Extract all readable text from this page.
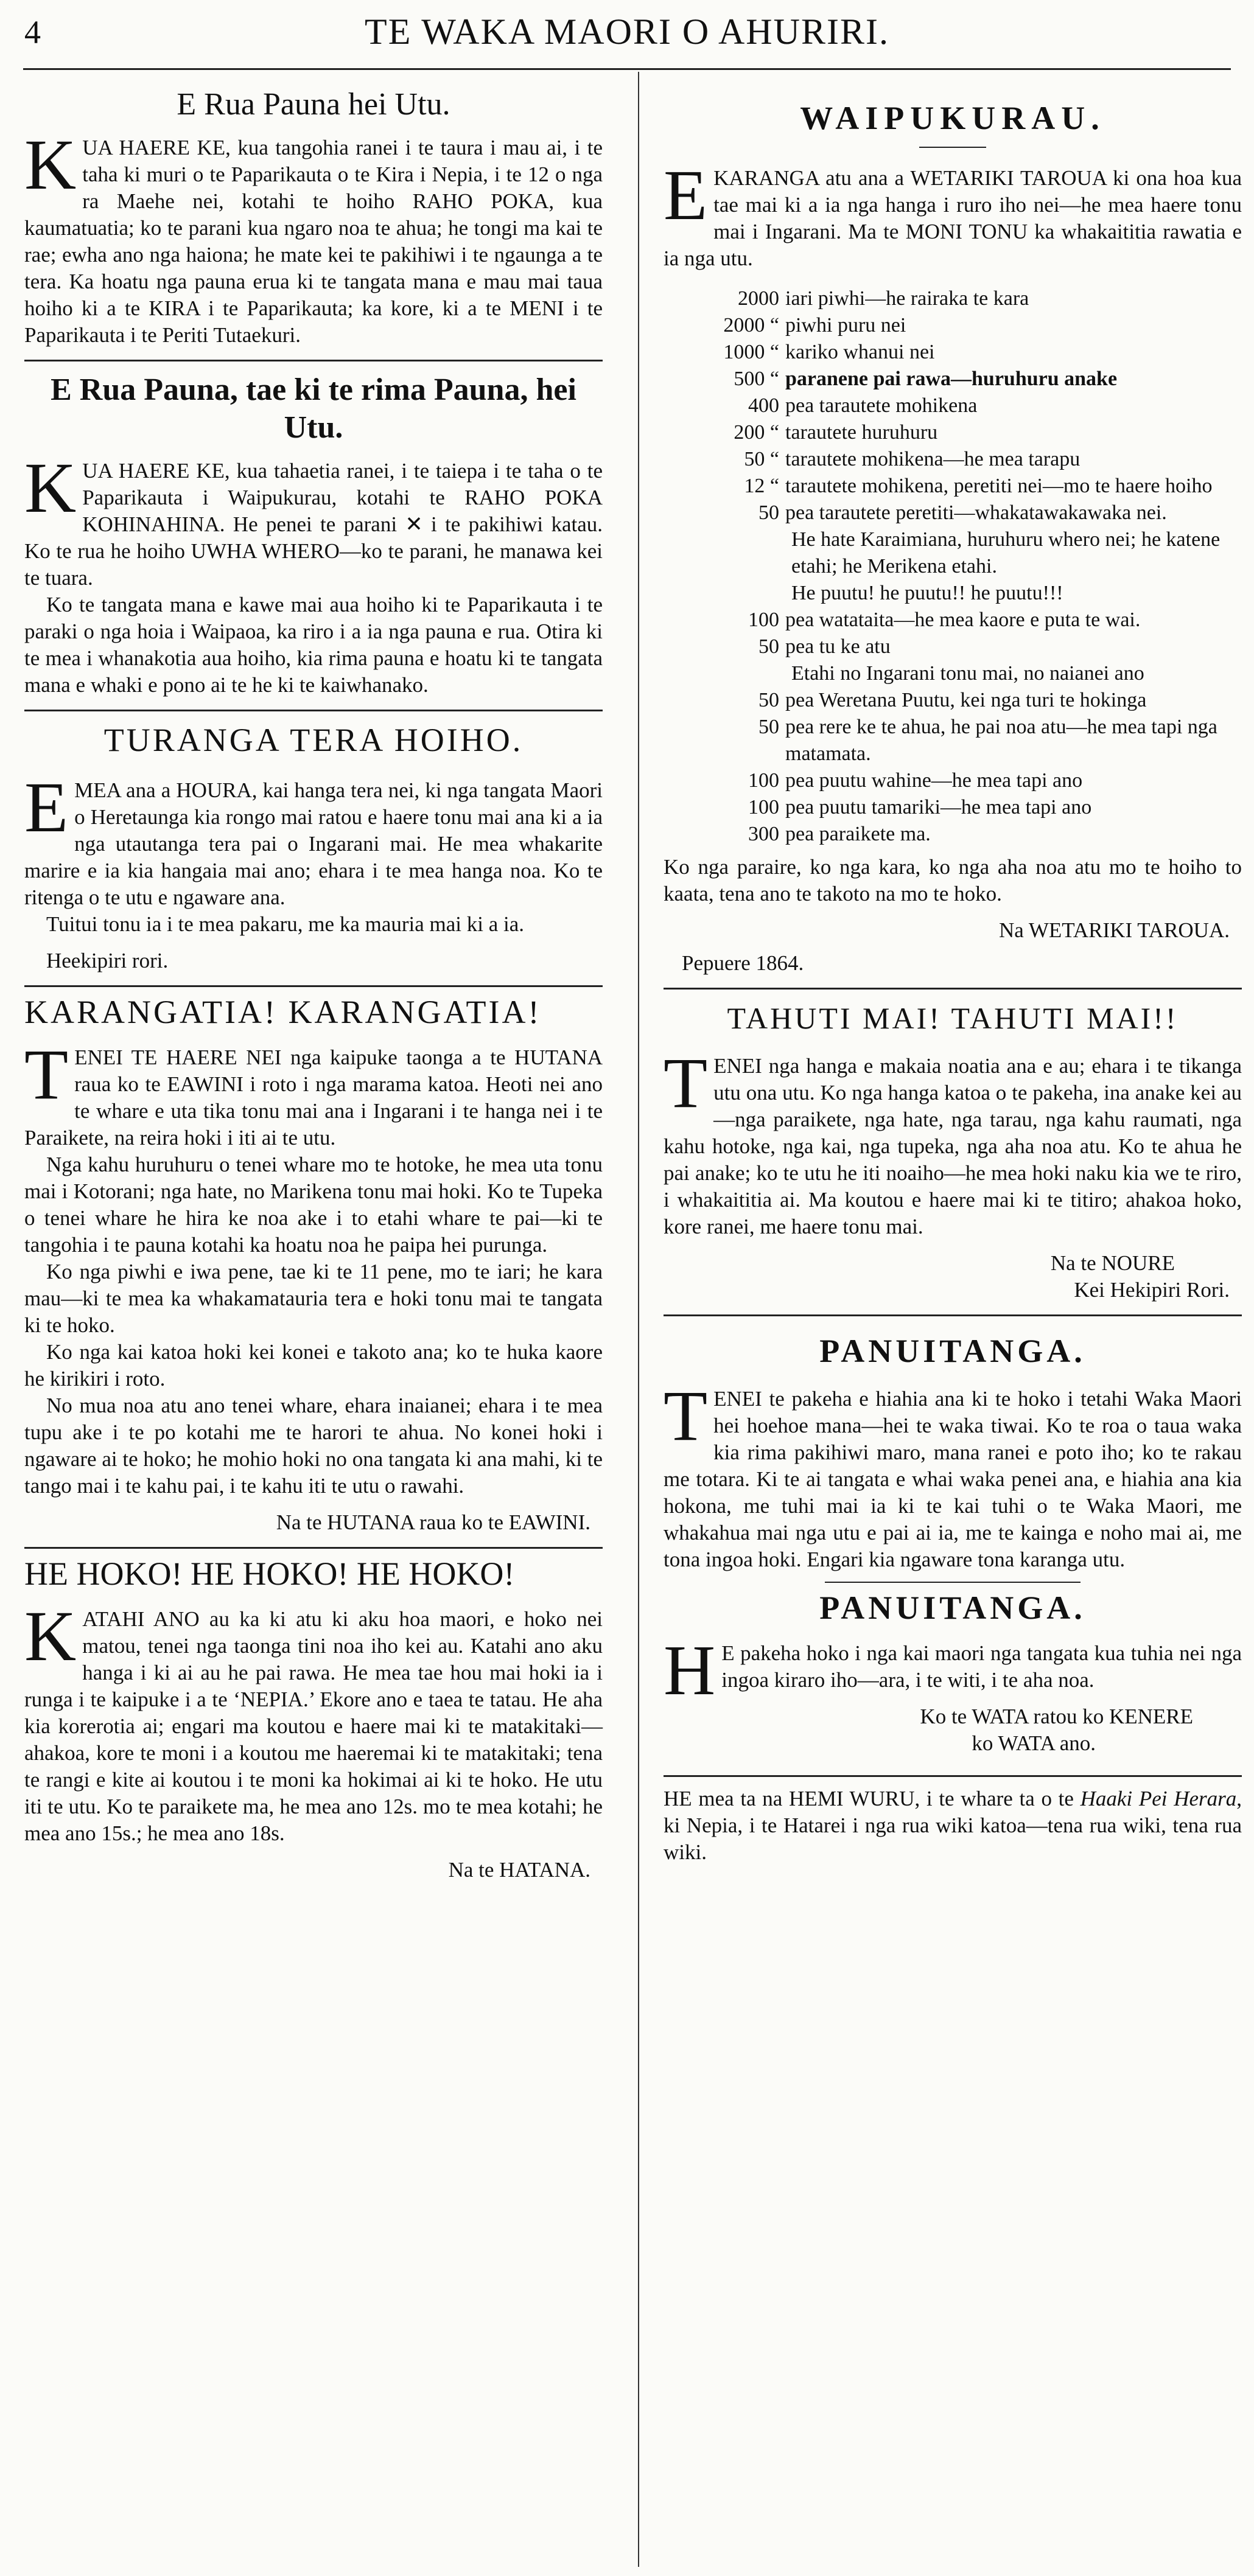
4	TE WAKA MAORI O AHURIRI.
E Rua Pauna hei Utu.

KUA HAERE KE, kua tangohia ranei i te taura i mau ai, i te taha ki muri o te Paparikauta o te Kira i Nepia, i te 12 o nga ra Maehe nei, kotahi te hoiho RAHO POKA, kua kaumatuatia; ko te parani kua ngaro noa te ahua; he tongi ma kai te rae; ewha ano nga haiona; he mate kei te pakihiwi i te ngaunga a te tera. Ka hoatu nga pauna erua ki te tangata mana e mau mai taua hoiho ki a te KIRA i te Paparikauta; ka kore, ki a te MENI i te Paparikauta i te Periti Tutaekuri.

E Rua Pauna, tae ki te rima Pauna, hei Utu.

KUA HAERE KE, kua tahaetia ranei, i te taiepa i te taha o te Paparikauta i Waipukurau, kotahi te RAHO POKA KOHINAHINA. He penei te parani ✕ i te pakihiwi katau. Ko te rua he hoiho UWHA WHERO—ko te parani, he manawa kei te tuara.

Ko te tangata mana e kawe mai aua hoiho ki te Paparikauta i te paraki o nga hoia i Waipaoa, ka riro i a ia nga pauna e rua. Otira ki te mea i whanakotia aua hoiho, kia rima pauna e hoatu ki te tangata mana e whaki e pono ai te he ki te kaiwhanako.

TURANGA TERA HOIHO.

EMEA ana a HOURA, kai hanga tera nei, ki nga tangata Maori o Heretaunga kia rongo mai ratou e haere tonu mai ana ki a ia nga utautanga tera pai o Ingarani mai. He mea whakarite marire e ia kia hangaia mai ano; ehara i te mea hanga noa. Ko te ritenga o te utu e ngaware ana.

Tuitui tonu ia i te mea pakaru, me ka mauria mai ki a ia.

Heekipiri rori.

KARANGATIA! KARANGATIA!

TENEI TE HAERE NEI nga kaipuke taonga a te HUTANA raua ko te EAWINI i roto i nga marama katoa. Heoti nei ano te whare e uta tika tonu mai ana i Ingarani i te hanga nei i te Paraikete, na reira hoki i iti ai te utu.

Nga kahu huruhuru o tenei whare mo te hotoke, he mea uta tonu mai i Kotorani; nga hate, no Marikena tonu mai hoki. Ko te Tupeka o tenei whare he hira ke noa ake i to etahi whare te pai—ki te tangohia i te pauna kotahi ka hoatu noa he paipa hei purunga.

Ko nga piwhi e iwa pene, tae ki te 11 pene, mo te iari; he kara mau—ki te mea ka whakamatauria tera e hoki tonu mai te tangata ki te hoko.

Ko nga kai katoa hoki kei konei e takoto ana; ko te huka kaore he kirikiri i roto.

No mua noa atu ano tenei whare, ehara inaianei; ehara i te mea tupu ake i te po kotahi me te harori te ahua. No konei hoki i ngaware ai te hoko; he mohio hoki no ona tangata ki ana mahi, ki te tango mai i te kahu pai, i te kahu iti te utu o rawahi.

Na te HUTANA raua ko te EAWINI.
HE HOKO! HE HOKO! HE HOKO!

KATAHI ANO au ka ki atu ki aku hoa maori, e hoko nei matou, tenei nga taonga tini noa iho kei au. Katahi ano aku hanga i ki ai au he pai rawa. He mea tae hou mai hoki ia i runga i te kaipuke i a te ‘NEPIA.’ Ekore ano e taea te tatau. He aha kia korerotia ai; engari ma koutou e haere mai ki te matakitaki—ahakoa, kore te moni i a koutou me haeremai ki te matakitaki; tena te rangi e kite ai koutou i te moni ka hokimai ai ki te hoko. He utu iti te utu. Ko te paraikete ma, he mea ano 12s. mo te mea kotahi; he mea ano 15s.; he mea ano 18s.

Na te HATANA.
WAIPUKURAU.

EKARANGA atu ana a WETARIKI TAROUA ki ona hoa kua tae mai ki a ia nga hanga i ruro iho nei—he mea haere tonu mai i Ingarani. Ma te MONI TONU ka whakaititia rawatia e ia nga utu.

2000 iari piwhi—he rairaka te kara
2000 “ piwhi puru nei
1000 “ kariko whanui nei
500 “ paranene pai rawa—huruhuru anake
400 pea tarautete mohikena
200 “ tarautete huruhuru
50 “ tarautete mohikena—he mea tarapu
12 “ tarautete mohikena, peretiti nei—mo te haere hoiho
50 pea tarautete peretiti—whakatawakawaka nei.
He hate Karaimiana, huruhuru whero nei; he katene etahi; he Merikena etahi.
He puutu! he puutu!! he puutu!!!
100 pea watataita—he mea kaore e puta te wai.
50 pea tu ke atu
Etahi no Ingarani tonu mai, no naianei ano
50 pea Weretana Puutu, kei nga turi te hokinga
50 pea rere ke te ahua, he pai noa atu—he mea tapi nga matamata.
100 pea puutu wahine—he mea tapi ano
100 pea puutu tamariki—he mea tapi ano
300 pea paraikete ma.

Ko nga paraire, ko nga kara, ko nga aha noa atu mo te hoiho to kaata, tena ano te takoto na mo te hoko.

Na WETARIKI TAROUA.
Pepuere 1864.
TAHUTI MAI! TAHUTI MAI!!

TENEI nga hanga e makaia noatia ana e au; ehara i te tikanga utu ona utu. Ko nga hanga katoa o te pakeha, ina anake kei au—nga paraikete, nga hate, nga tarau, nga kahu raumati, nga kahu hotoke, nga kai, nga tupeka, nga aha noa atu. Ko te ahua he pai anake; ko te utu he iti noaiho—he mea hoki naku kia we te riro, i whakaititia ai. Ma koutou e haere mai ki te titiro; ahakoa hoko, kore ranei, me haere tonu mai.

Na te NOURE
Kei Hekipiri Rori.
PANUITANGA.

TENEI te pakeha e hiahia ana ki te hoko i tetahi Waka Maori hei hoehoe mana—hei te waka tiwai. Ko te roa o taua waka kia rima pakihiwi maro, mana ranei e poto iho; ko te rakau me totara. Ki te ai tangata e whai waka penei ana, e hiahia ana kia hokona, me tuhi mai ia ki te kai tuhi o te Waka Maori, me whakahua mai nga utu e pai ai ia, me te kainga e noho mai ai, me tona ingoa hoki. Engari kia ngaware tona karanga utu.

PANUITANGA.

H E pakeha hoko i nga kai maori nga tangata kua tuhia nei nga ingoa kiraro iho—ara, i te witi, i te aha noa.

Ko te WATA ratou ko KENERE
ko WATA ano.
HE mea ta na HEMI WURU, i te whare ta o te Haaki Pei Herara, ki Nepia, i te Hatarei i nga rua wiki katoa—tena rua wiki, tena rua wiki.
